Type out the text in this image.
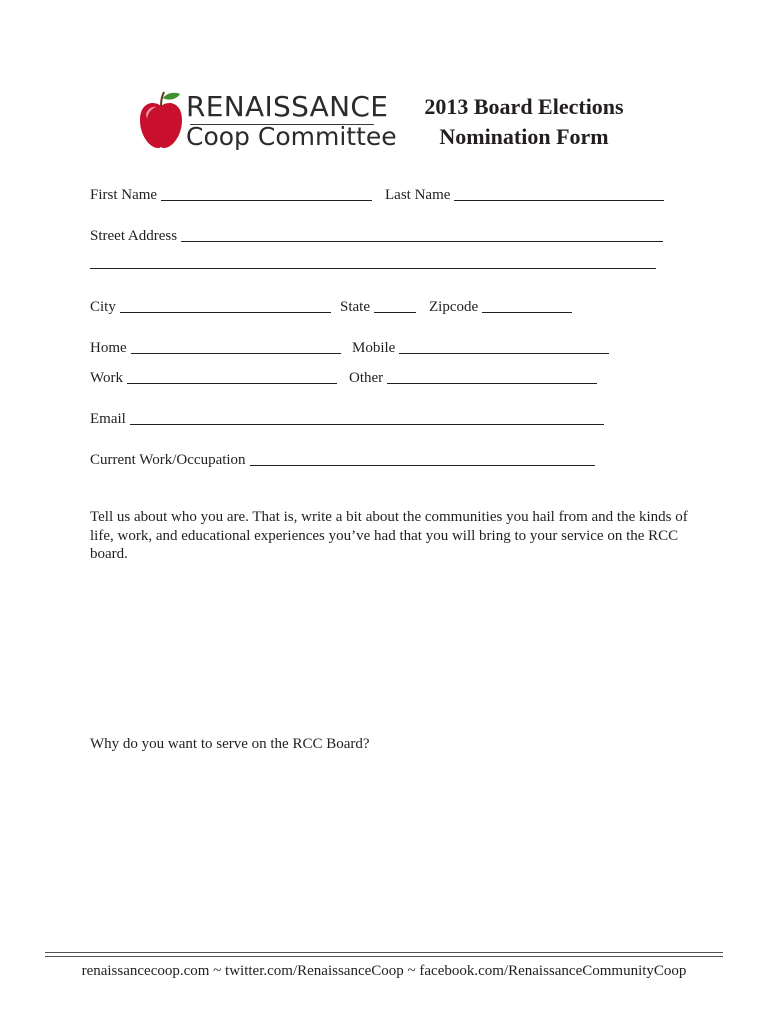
RENAISSANCE
Coop Committee
2013 Board Elections
Nomination Form
First Name	Last Name
Street Address
City	State	Zipcode
Home	Mobile
Work	Other
Email
Current Work/Occupation
Tell us about who you are. That is, write a bit about the communities you hail from and the kinds of life, work, and educational experiences you’ve had that you will bring to your service on the RCC board.
Why do you want to serve on the RCC Board?
renaissancecoop.com ~ twitter.com/RenaissanceCoop ~ facebook.com/RenaissanceCommunityCoop
